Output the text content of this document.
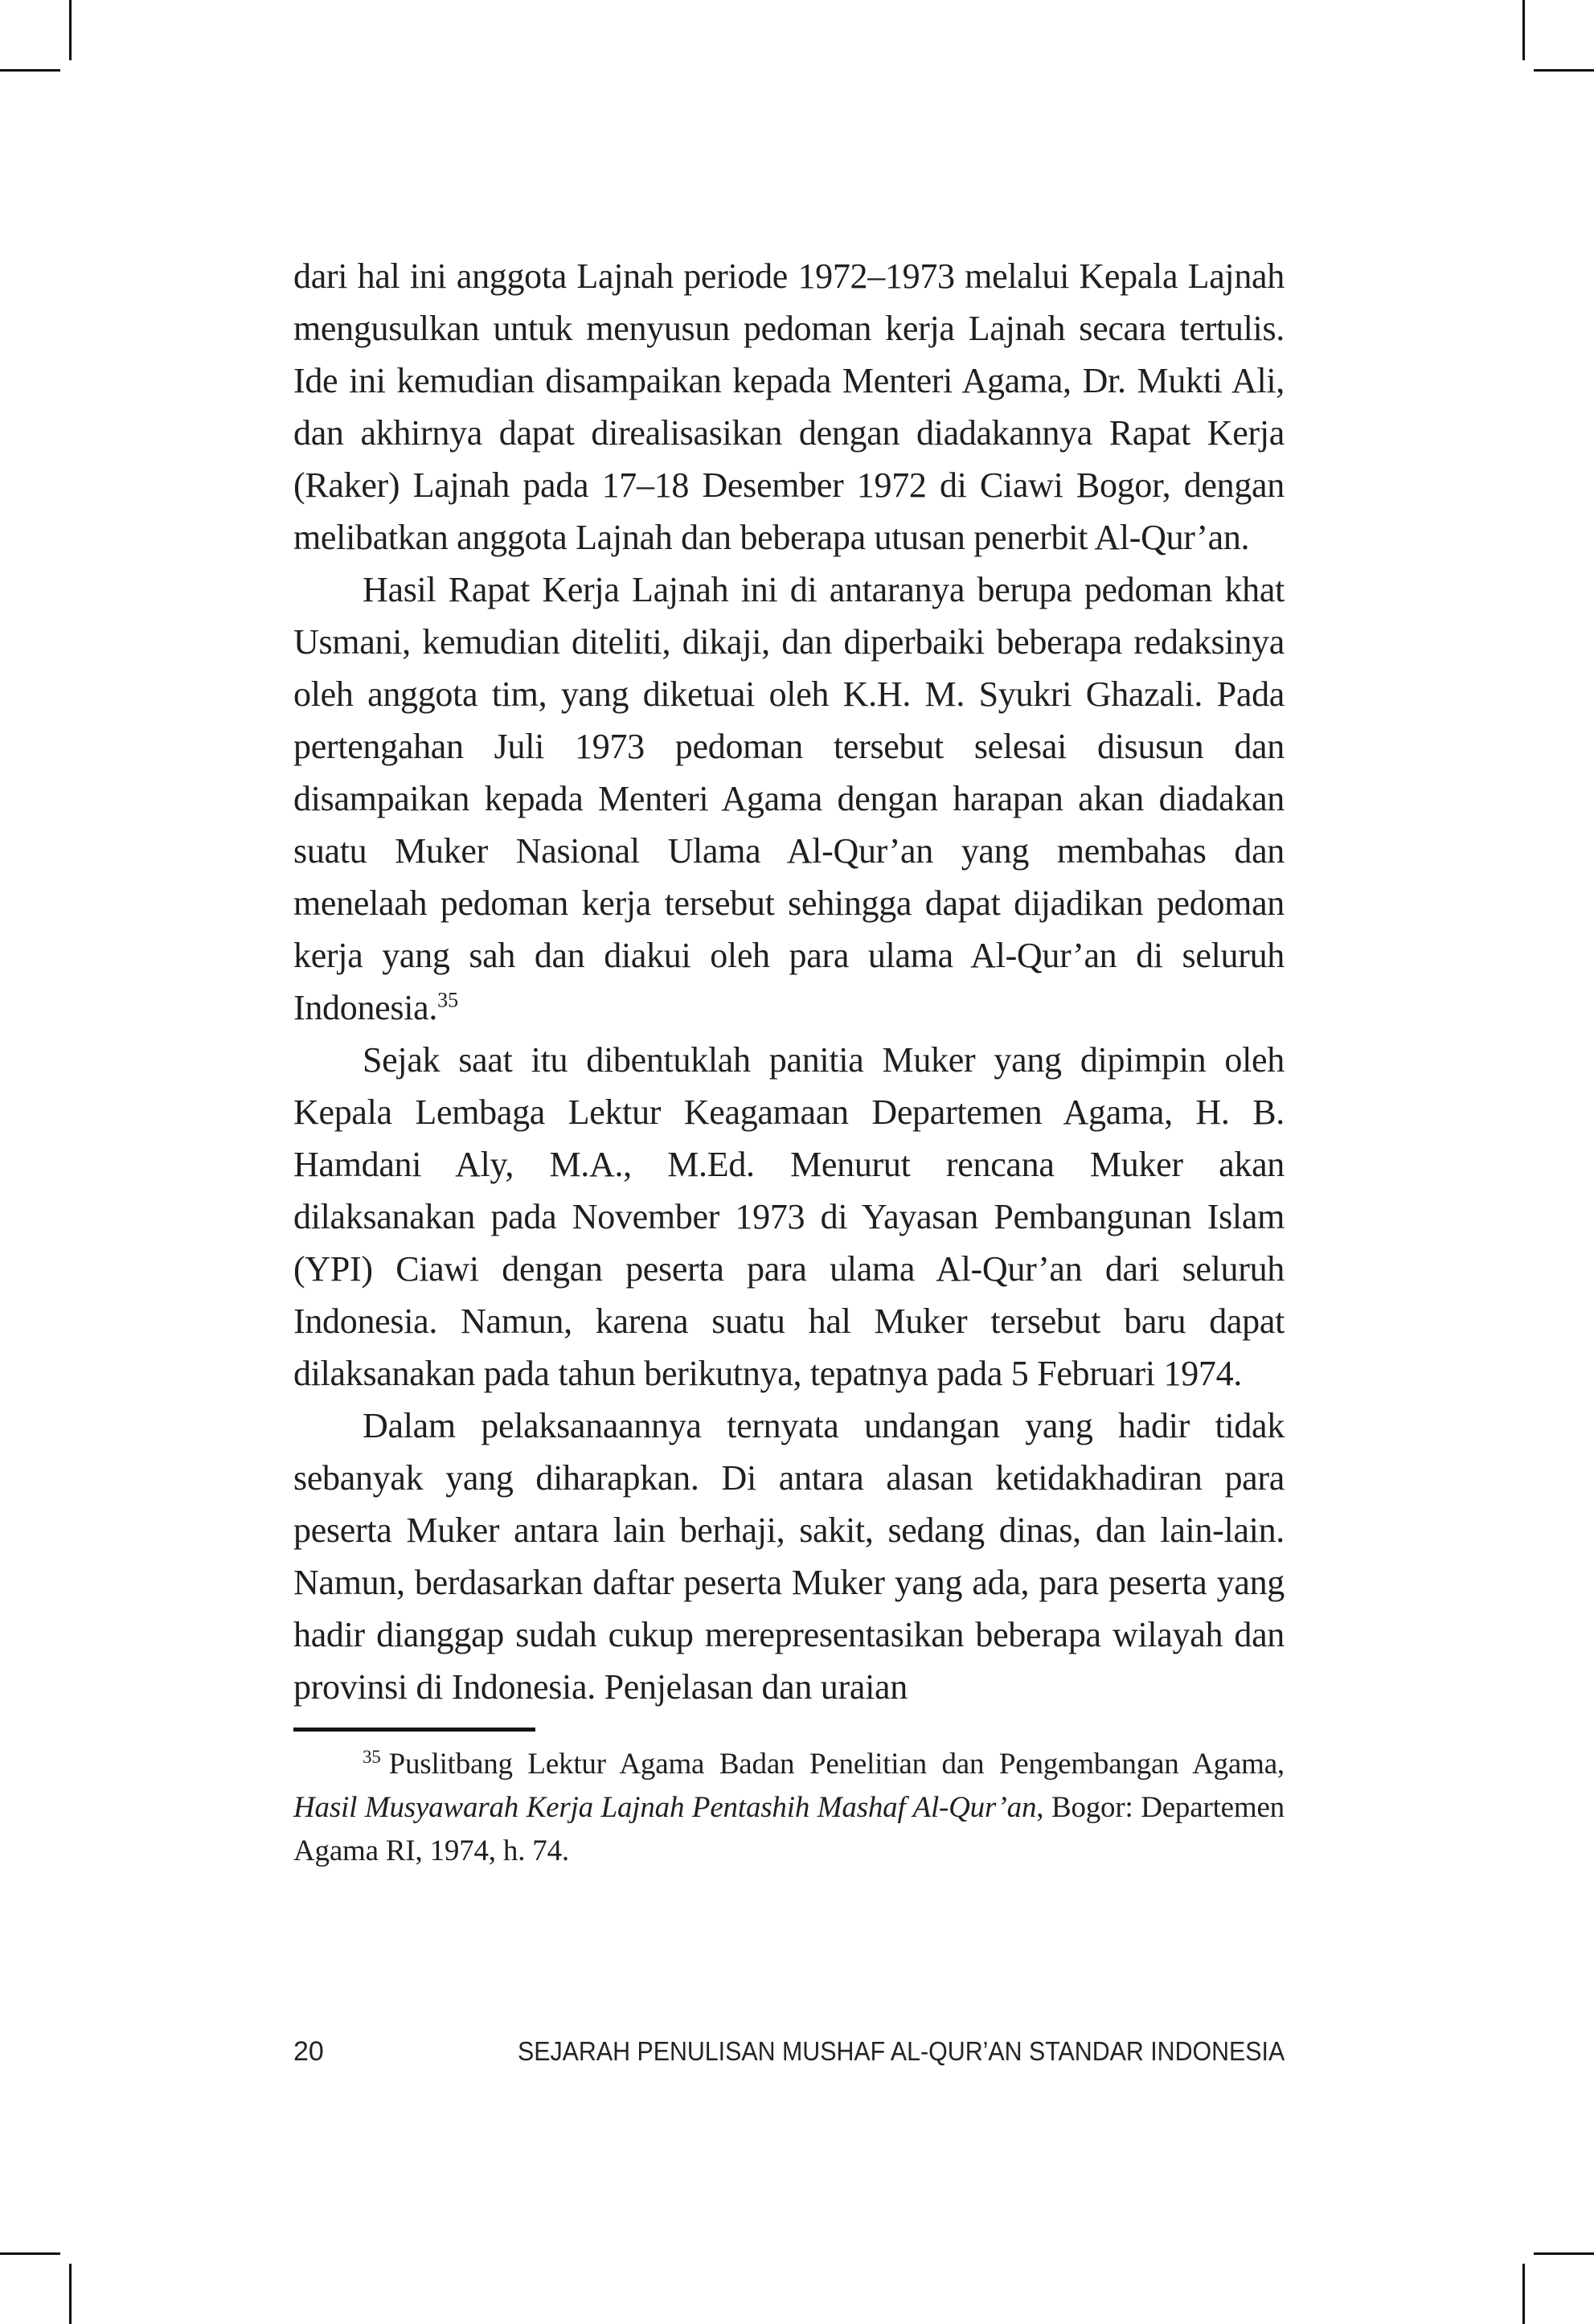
dari hal ini anggota Lajnah periode 1972–1973 melalui Kepala Lajnah mengusulkan untuk menyusun pedoman kerja Lajnah secara tertulis. Ide ini kemudian disampaikan kepada Menteri Agama, Dr. Mukti Ali, dan akhirnya dapat direalisasikan dengan diadakannya Rapat Kerja (Raker) Lajnah pada 17–18 Desember 1972 di Ciawi Bogor, dengan melibatkan anggota Lajnah dan beberapa utusan penerbit Al-Qur’an.

Hasil Rapat Kerja Lajnah ini di antaranya berupa pedoman khat Usmani, kemudian diteliti, dikaji, dan diperbaiki beberapa redaksinya oleh anggota tim, yang diketuai oleh K.H. M. Syukri Ghazali. Pada pertengahan Juli 1973 pedoman tersebut selesai disusun dan disampaikan kepada Menteri Agama dengan harapan akan diadakan suatu Muker Nasional Ulama Al-Qur’an yang membahas dan menelaah pedoman kerja tersebut sehingga dapat dijadikan pedoman kerja yang sah dan diakui oleh para ulama Al-Qur’an di seluruh Indonesia.$^{35}$

Sejak saat itu dibentuklah panitia Muker yang dipimpin oleh Kepala Lembaga Lektur Keagamaan Departemen Agama, H. B. Hamdani Aly, M.A., M.Ed. Menurut rencana Muker akan dilaksanakan pada November 1973 di Yayasan Pembangunan Islam (YPI) Ciawi dengan peserta para ulama Al-Qur’an dari seluruh Indonesia. Namun, karena suatu hal Muker tersebut baru dapat dilaksanakan pada tahun berikutnya, tepatnya pada 5 Februari 1974.

Dalam pelaksanaannya ternyata undangan yang hadir tidak sebanyak yang diharapkan. Di antara alasan ketidakhadiran para peserta Muker antara lain berhaji, sakit, sedang dinas, dan lain-lain. Namun, berdasarkan daftar peserta Muker yang ada, para peserta yang hadir dianggap sudah cukup merepresentasikan beberapa wilayah dan provinsi di Indonesia. Penjelasan dan uraian

$^{35}$ Puslitbang Lektur Agama Badan Penelitian dan Pengembangan Agama, Hasil Musyawarah Kerja Lajnah Pentashih Mashaf Al-Qur’an, Bogor: Departemen Agama RI, 1974, h. 74.

20	SEJARAH PENULISAN MUSHAF AL-QUR’AN STANDAR INDONESIA
